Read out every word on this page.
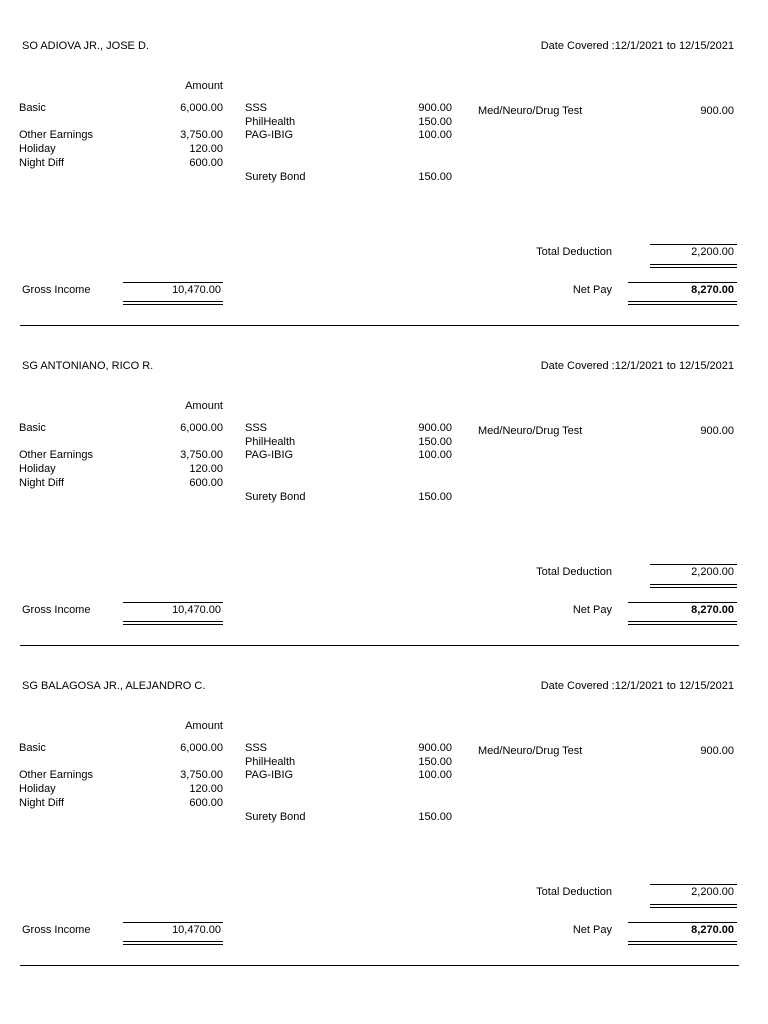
SO ADIOVA JR., JOSE D.	Date Covered :12/1/2021 to 12/15/2021
Amount
Basic	6,000.00
Other Earnings	3,750.00
Holiday	120.00
Night Diff	600.00
SSS	900.00
PhilHealth	150.00
PAG-IBIG	100.00
Surety Bond	150.00
Med/Neuro/Drug Test	900.00
Total Deduction	2,200.00
Gross Income	10,470.00	Net Pay	8,270.00
SG ANTONIANO, RICO R.	Date Covered :12/1/2021 to 12/15/2021
Amount
Basic	6,000.00
Other Earnings	3,750.00
Holiday	120.00
Night Diff	600.00
SSS	900.00
PhilHealth	150.00
PAG-IBIG	100.00
Surety Bond	150.00
Med/Neuro/Drug Test	900.00
Total Deduction	2,200.00
Gross Income	10,470.00	Net Pay	8,270.00
SG BALAGOSA JR., ALEJANDRO C.	Date Covered :12/1/2021 to 12/15/2021
Amount
Basic	6,000.00
Other Earnings	3,750.00
Holiday	120.00
Night Diff	600.00
SSS	900.00
PhilHealth	150.00
PAG-IBIG	100.00
Surety Bond	150.00
Med/Neuro/Drug Test	900.00
Total Deduction	2,200.00
Gross Income	10,470.00	Net Pay	8,270.00
